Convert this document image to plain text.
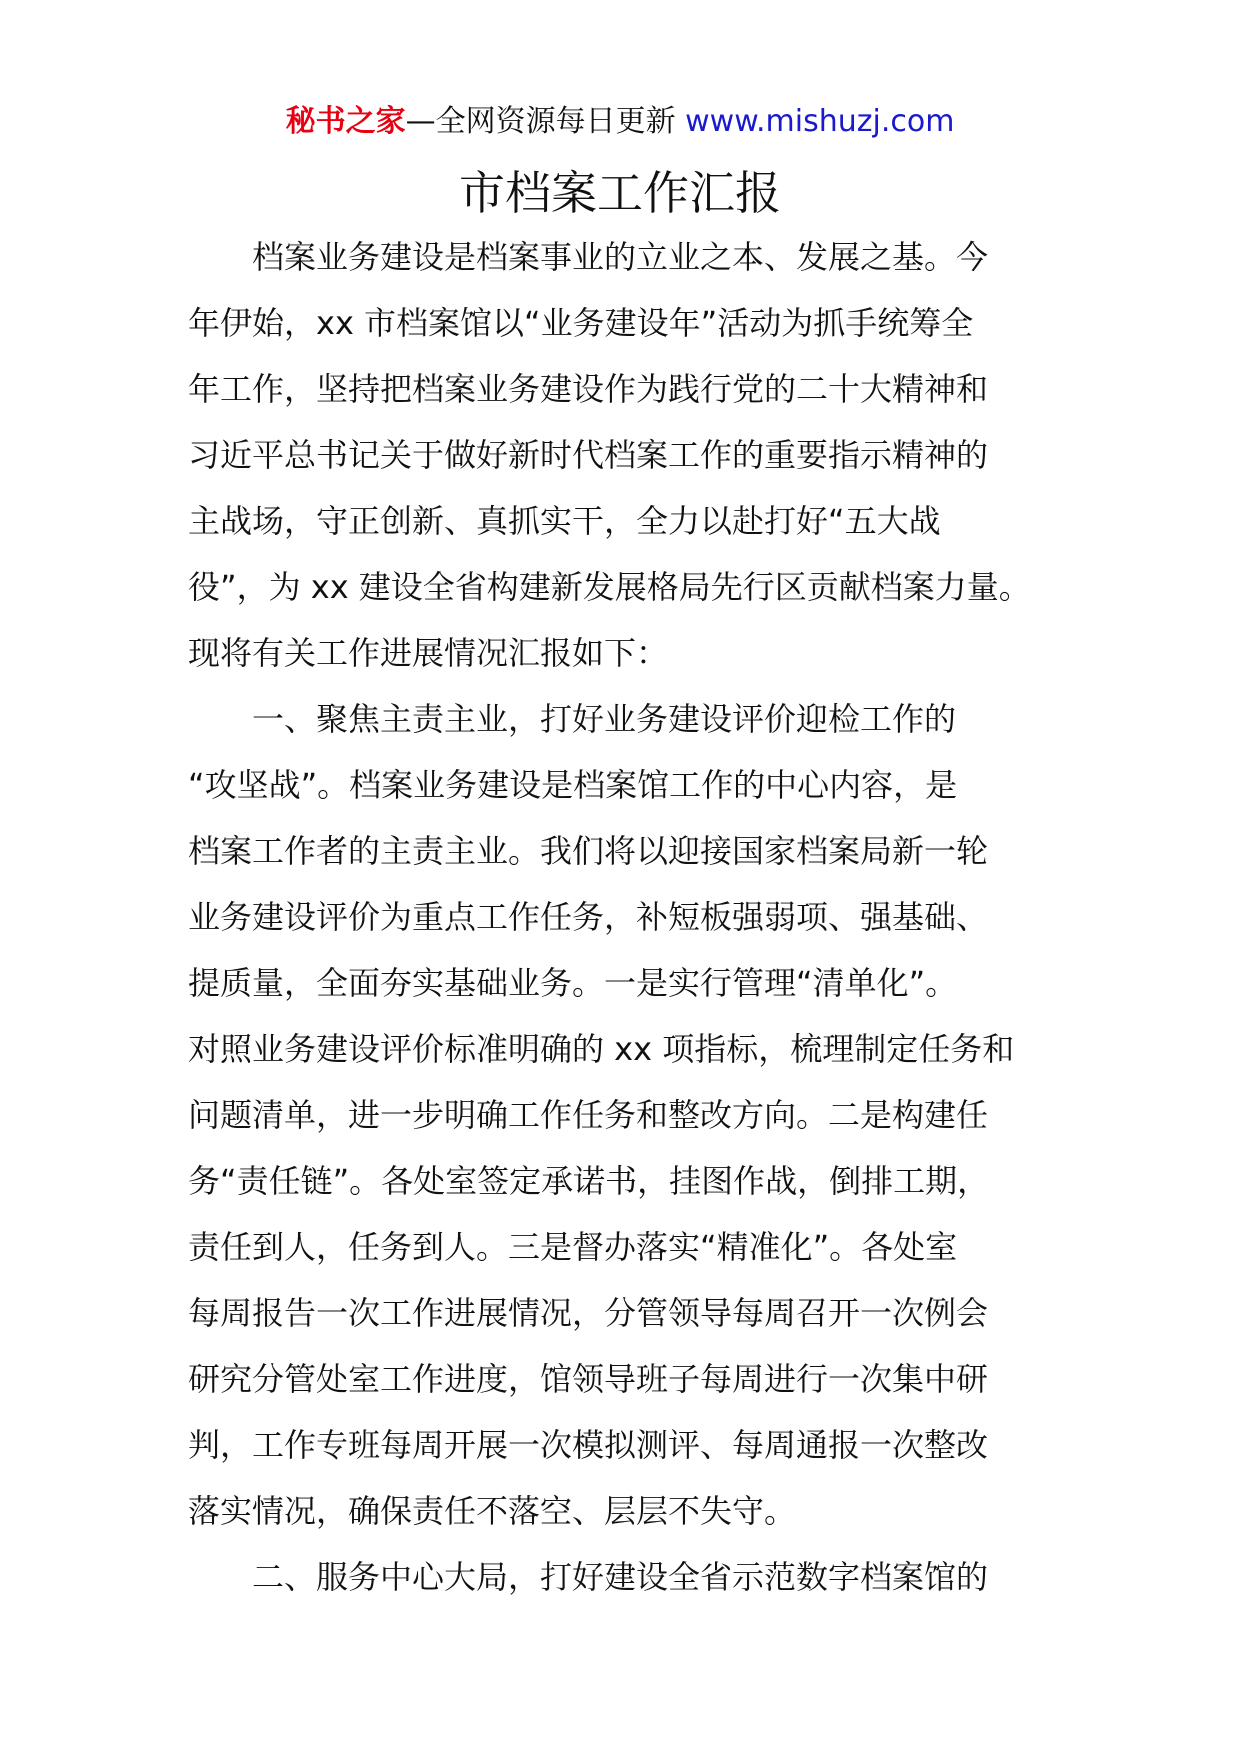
秘书之家—全网资源每日更新 www.mishuzj.com
市档案工作汇报
　　档案业务建设是档案事业的立业之本、发展之基。今
年伊始，xx 市档案馆以“业务建设年”活动为抓手统筹全
年工作，坚持把档案业务建设作为践行党的二十大精神和
习近平总书记关于做好新时代档案工作的重要指示精神的
主战场，守正创新、真抓实干，全力以赴打好“五大战
役”，为 xx 建设全省构建新发展格局先行区贡献档案力量。
现将有关工作进展情况汇报如下：
　　一、聚焦主责主业，打好业务建设评价迎检工作的
“攻坚战”。档案业务建设是档案馆工作的中心内容，是
档案工作者的主责主业。我们将以迎接国家档案局新一轮
业务建设评价为重点工作任务，补短板强弱项、强基础、
提质量，全面夯实基础业务。一是实行管理“清单化”。
对照业务建设评价标准明确的 xx 项指标，梳理制定任务和
问题清单，进一步明确工作任务和整改方向。二是构建任
务“责任链”。各处室签定承诺书，挂图作战，倒排工期，
责任到人，任务到人。三是督办落实“精准化”。各处室
每周报告一次工作进展情况，分管领导每周召开一次例会
研究分管处室工作进度，馆领导班子每周进行一次集中研
判，工作专班每周开展一次模拟测评、每周通报一次整改
落实情况，确保责任不落空、层层不失守。
　　二、服务中心大局，打好建设全省示范数字档案馆的
